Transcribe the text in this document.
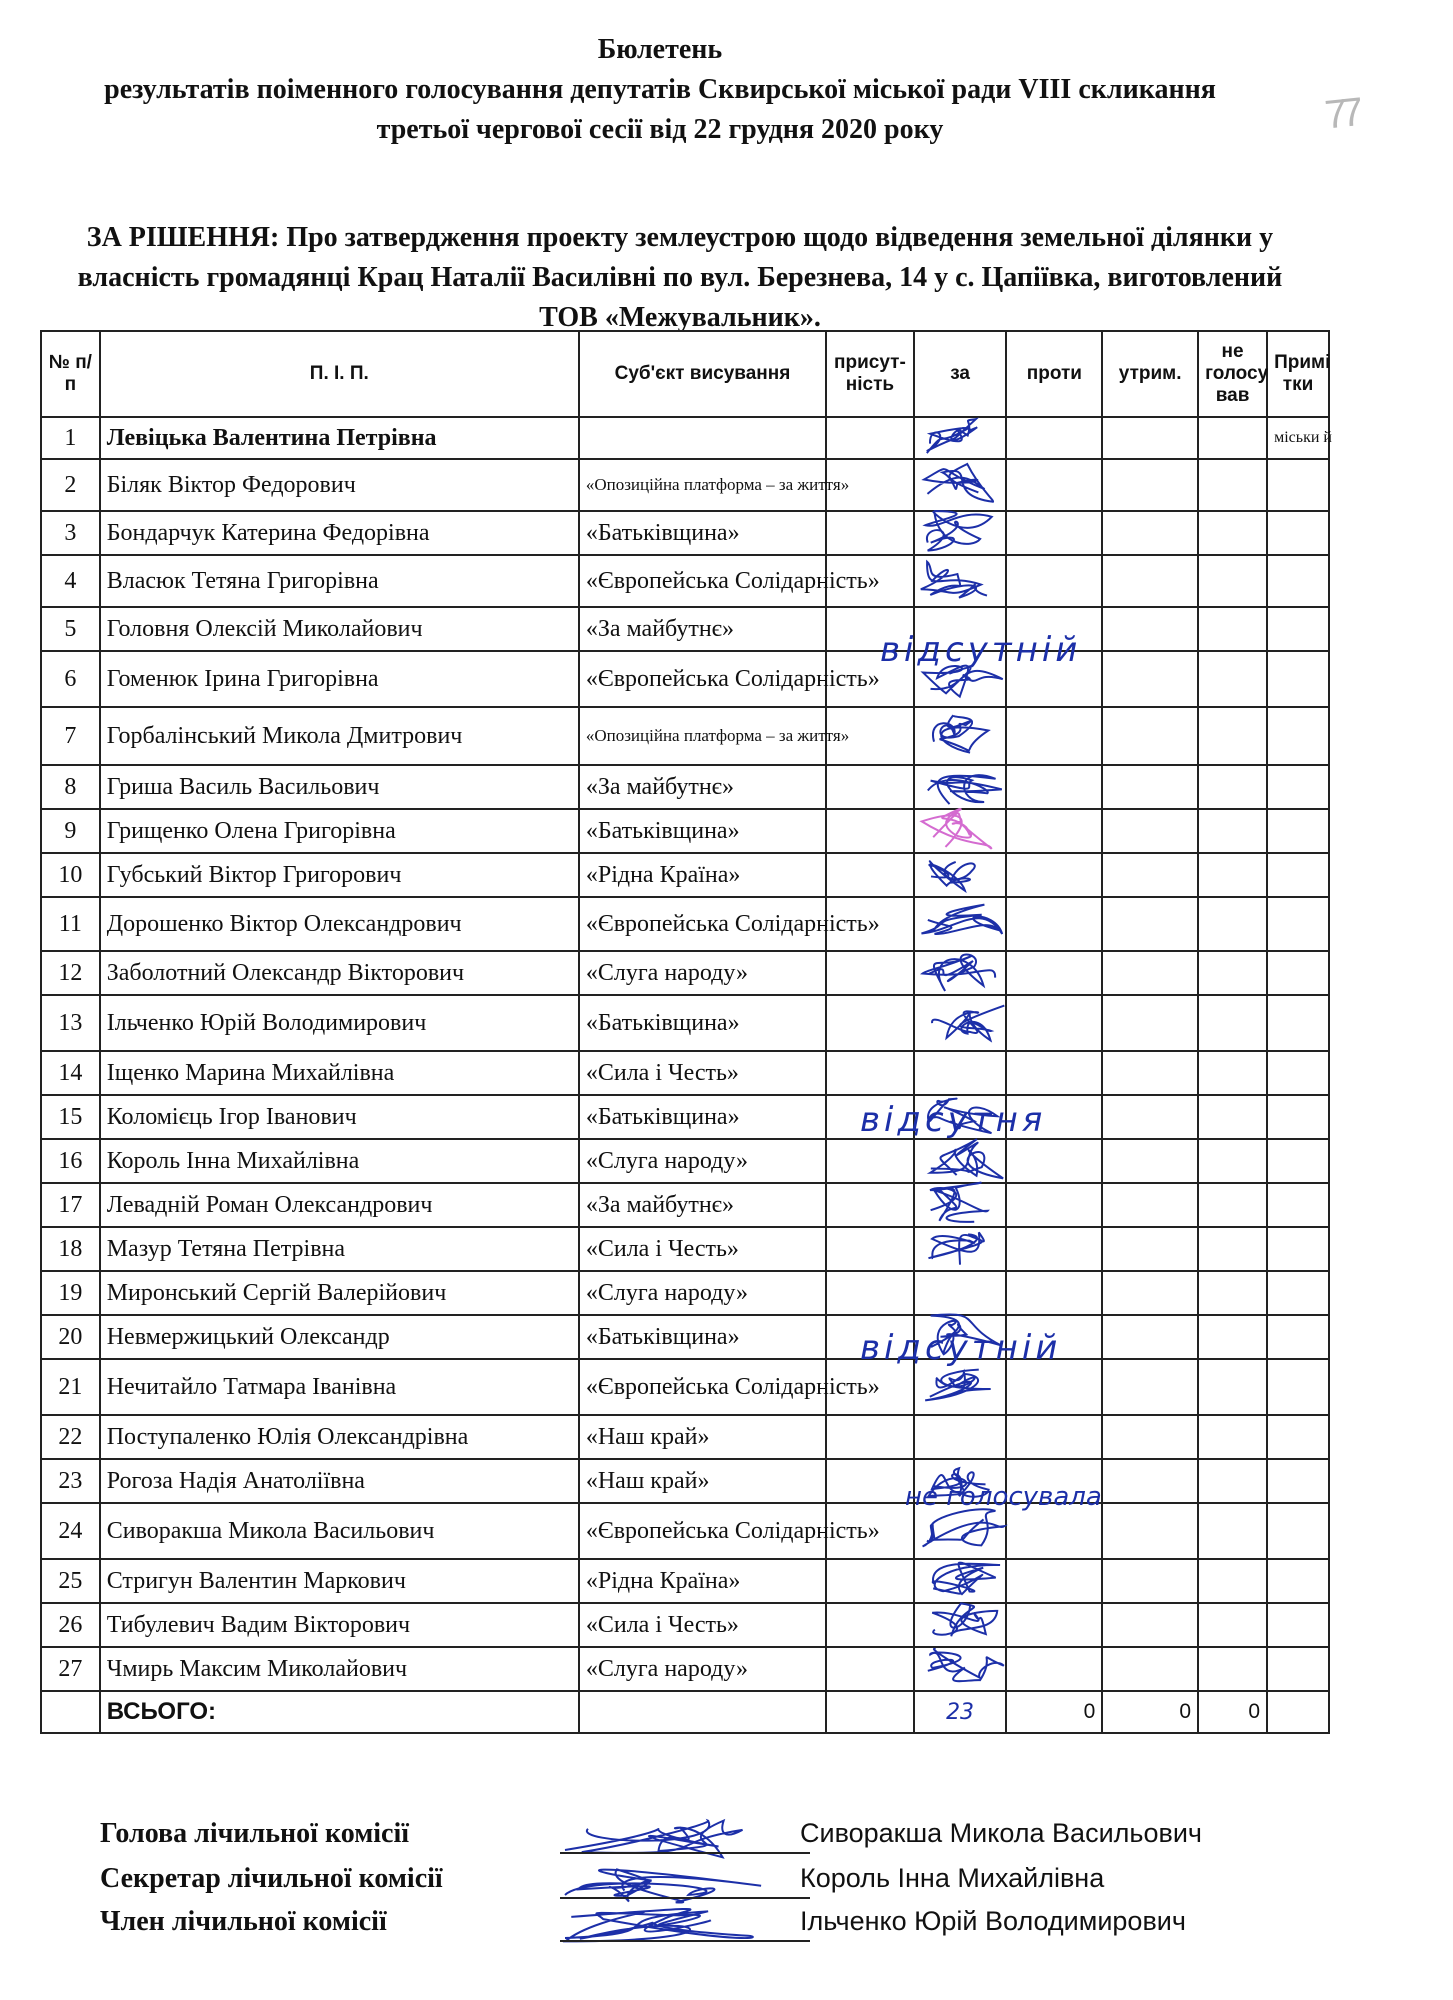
Бюлетень
результатів поіменного голосування депутатів Сквирської міської ради VIII скликання
третьої чергової сесії від 22 грудня 2020 року	77
ЗА РІШЕННЯ: Про затвердження проекту землеустрою щодо відведення земельної ділянки у власність громадянці Крац Наталії Василівні по вул. Березнева, 14 у с. Цапіївка, виготовлений ТОВ «Межувальник».
№ п/п	П. І. П.	Суб'єкт висування	присут-ність	за	проти	утрим.	не голосу вав	Примі тки
1	Левіцька Валентина Петрівна							міськи й
2	Біляк Віктор Федорович	«Опозиційна платформа – за життя»						
3	Бондарчук Катерина Федорівна	«Батьківщина»						
4	Власюк Тетяна Григорівна	«Європейська Солідарність»						
5	Головня Олексій Миколайович	«За майбутнє»						
6	Гоменюк Ірина Григорівна	«Європейська Солідарність»						
7	Горбалінський Микола Дмитрович	«Опозиційна платформа – за життя»						
8	Гриша Василь Васильович	«За майбутнє»						
9	Грищенко Олена Григорівна	«Батьківщина»						
10	Губський Віктор Григорович	«Рідна Країна»						
11	Дорошенко Віктор Олександрович	«Європейська Солідарність»						
12	Заболотний Олександр Вікторович	«Слуга народу»						
13	Ільченко Юрій Володимирович	«Батьківщина»						
14	Іщенко Марина Михайлівна	«Сила і Честь»						
15	Коломієць Ігор Іванович	«Батьківщина»						
16	Король Інна Михайлівна	«Слуга народу»						
17	Левадній Роман Олександрович	«За майбутнє»						
18	Мазур Тетяна Петрівна	«Сила і Честь»						
19	Миронський Сергій Валерійович	«Слуга народу»						
20	Невмержицький Олександр	«Батьківщина»						
21	Нечитайло Татмара Іванівна	«Європейська Солідарність»						
22	Поступаленко Юлія Олександрівна	«Наш край»						
23	Рогоза Надія Анатоліївна	«Наш край»						
24	Сиворакша Микола Васильович	«Європейська Солідарність»						
25	Стригун Валентин Маркович	«Рідна Країна»						
26	Тибулевич Вадим Вікторович	«Сила і Честь»						
27	Чмирь Максим Миколайович	«Слуга народу»						
	ВСЬОГО:			23	0	0	0	
відсутній
відсутня
відсутній
не голосувала
Голова лічильної комісії	Сиворакша Микола Васильович
Секретар лічильної комісії	Король Інна Михайлівна
Член лічильної комісії	Ільченко Юрій Володимирович
